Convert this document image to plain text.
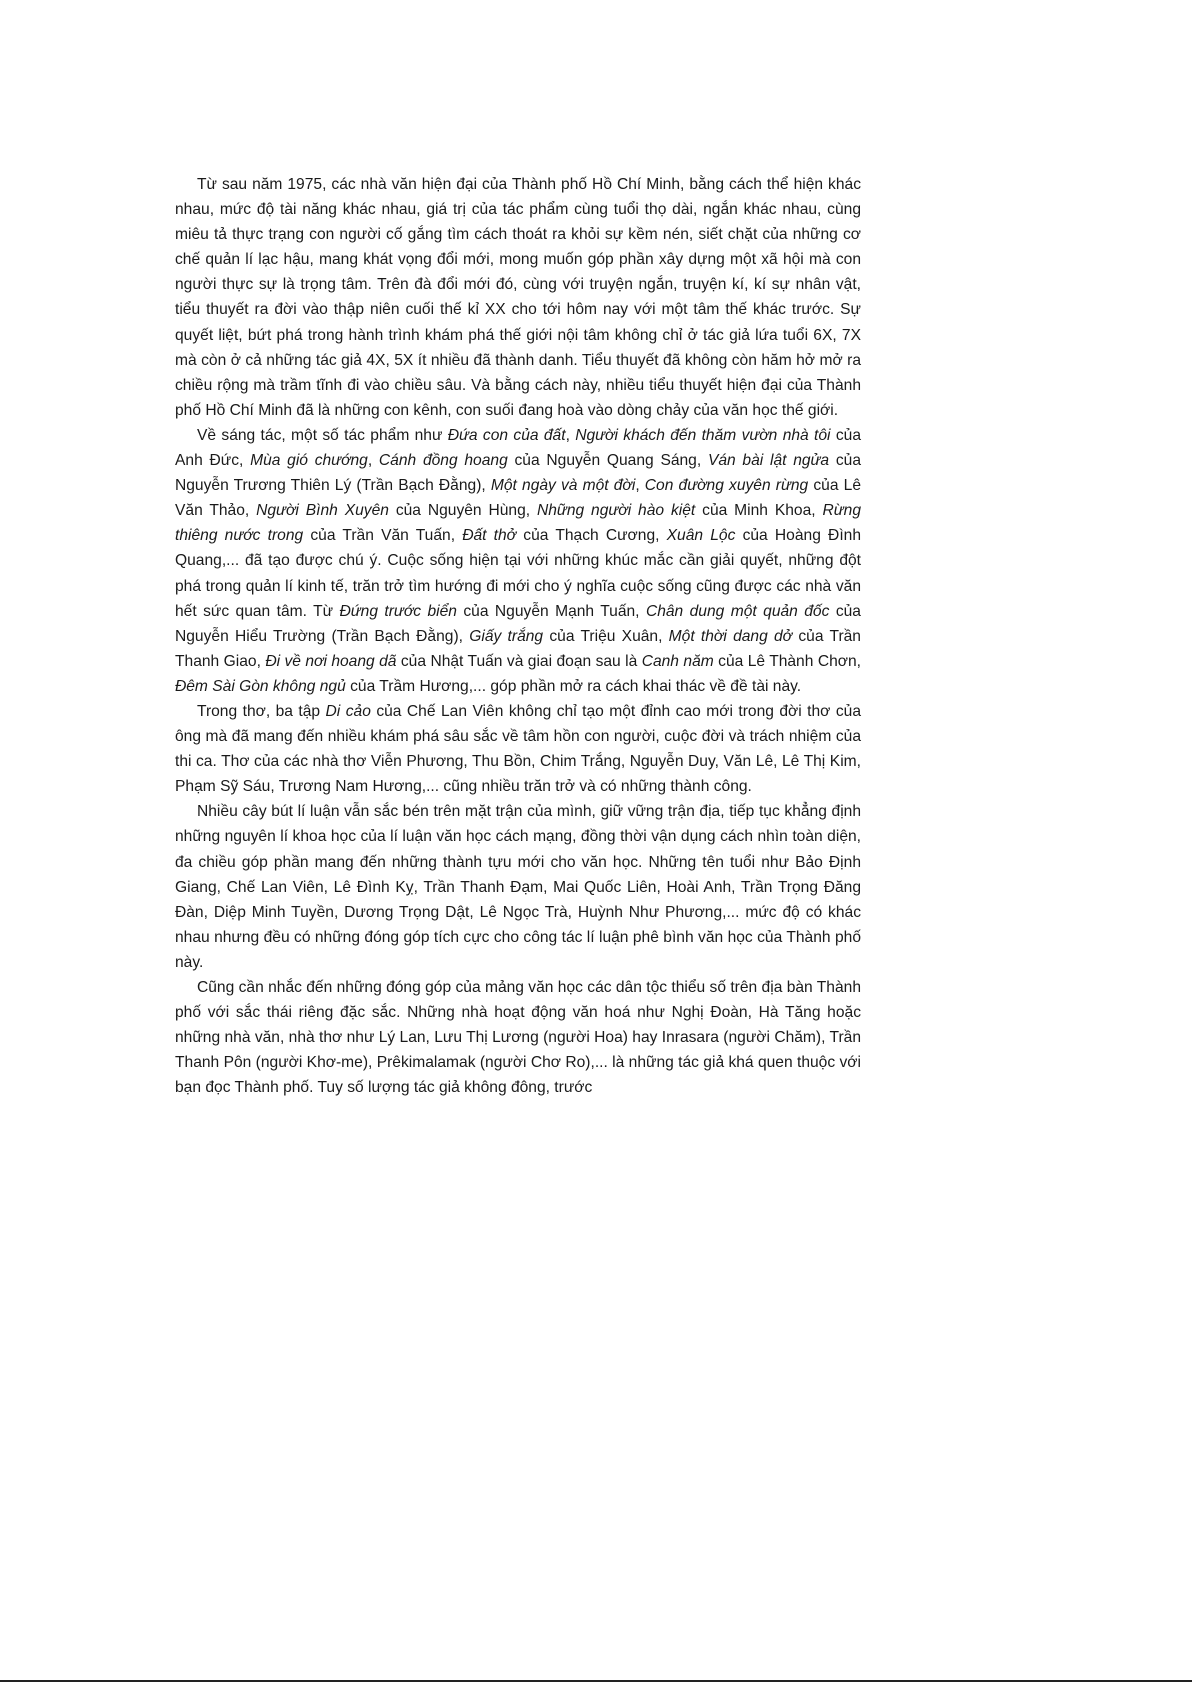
Từ sau năm 1975, các nhà văn hiện đại của Thành phố Hồ Chí Minh, bằng cách thể hiện khác nhau, mức độ tài năng khác nhau, giá trị của tác phẩm cùng tuổi thọ dài, ngắn khác nhau, cùng miêu tả thực trạng con người cố gắng tìm cách thoát ra khỏi sự kềm nén, siết chặt của những cơ chế quản lí lạc hậu, mang khát vọng đổi mới, mong muốn góp phần xây dựng một xã hội mà con người thực sự là trọng tâm. Trên đà đổi mới đó, cùng với truyện ngắn, truyện kí, kí sự nhân vật, tiểu thuyết ra đời vào thập niên cuối thế kỉ XX cho tới hôm nay với một tâm thế khác trước. Sự quyết liệt, bứt phá trong hành trình khám phá thế giới nội tâm không chỉ ở tác giả lứa tuổi 6X, 7X mà còn ở cả những tác giả 4X, 5X ít nhiều đã thành danh. Tiểu thuyết đã không còn hăm hở mở ra chiều rộng mà trầm tĩnh đi vào chiều sâu. Và bằng cách này, nhiều tiểu thuyết hiện đại của Thành phố Hồ Chí Minh đã là những con kênh, con suối đang hoà vào dòng chảy của văn học thế giới.

Về sáng tác, một số tác phẩm như Đứa con của đất, Người khách đến thăm vườn nhà tôi của Anh Đức, Mùa gió chướng, Cánh đồng hoang của Nguyễn Quang Sáng, Ván bài lật ngửa của Nguyễn Trương Thiên Lý (Trần Bạch Đằng), Một ngày và một đời, Con đường xuyên rừng của Lê Văn Thảo, Người Bình Xuyên của Nguyên Hùng, Những người hào kiệt của Minh Khoa, Rừng thiêng nước trong của Trần Văn Tuấn, Đất thở của Thạch Cương, Xuân Lộc của Hoàng Đình Quang,... đã tạo được chú ý. Cuộc sống hiện tại với những khúc mắc cần giải quyết, những đột phá trong quản lí kinh tế, trăn trở tìm hướng đi mới cho ý nghĩa cuộc sống cũng được các nhà văn hết sức quan tâm. Từ Đứng trước biển của Nguyễn Mạnh Tuấn, Chân dung một quản đốc của Nguyễn Hiểu Trường (Trần Bạch Đằng), Giấy trắng của Triệu Xuân, Một thời dang dở của Trần Thanh Giao, Đi về nơi hoang dã của Nhật Tuấn và giai đoạn sau là Canh năm của Lê Thành Chơn, Đêm Sài Gòn không ngủ của Trầm Hương,... góp phần mở ra cách khai thác về đề tài này.

Trong thơ, ba tập Di cảo của Chế Lan Viên không chỉ tạo một đỉnh cao mới trong đời thơ của ông mà đã mang đến nhiều khám phá sâu sắc về tâm hồn con người, cuộc đời và trách nhiệm của thi ca. Thơ của các nhà thơ Viễn Phương, Thu Bồn, Chim Trắng, Nguyễn Duy, Văn Lê, Lê Thị Kim, Phạm Sỹ Sáu, Trương Nam Hương,... cũng nhiều trăn trở và có những thành công.

Nhiều cây bút lí luận vẫn sắc bén trên mặt trận của mình, giữ vững trận địa, tiếp tục khẳng định những nguyên lí khoa học của lí luận văn học cách mạng, đồng thời vận dụng cách nhìn toàn diện, đa chiều góp phần mang đến những thành tựu mới cho văn học. Những tên tuổi như Bảo Định Giang, Chế Lan Viên, Lê Đình Kỵ, Trần Thanh Đạm, Mai Quốc Liên, Hoài Anh, Trần Trọng Đăng Đàn, Diệp Minh Tuyền, Dương Trọng Dật, Lê Ngọc Trà, Huỳnh Như Phương,... mức độ có khác nhau nhưng đều có những đóng góp tích cực cho công tác lí luận phê bình văn học của Thành phố này.

Cũng cần nhắc đến những đóng góp của mảng văn học các dân tộc thiểu số trên địa bàn Thành phố với sắc thái riêng đặc sắc. Những nhà hoạt động văn hoá như Nghị Đoàn, Hà Tăng hoặc những nhà văn, nhà thơ như Lý Lan, Lưu Thị Lương (người Hoa) hay Inrasara (người Chăm), Trần Thanh Pôn (người Khơ-me), Prêkimalamak (người Chơ Ro),... là những tác giả khá quen thuộc với bạn đọc Thành phố. Tuy số lượng tác giả không đông, trước
